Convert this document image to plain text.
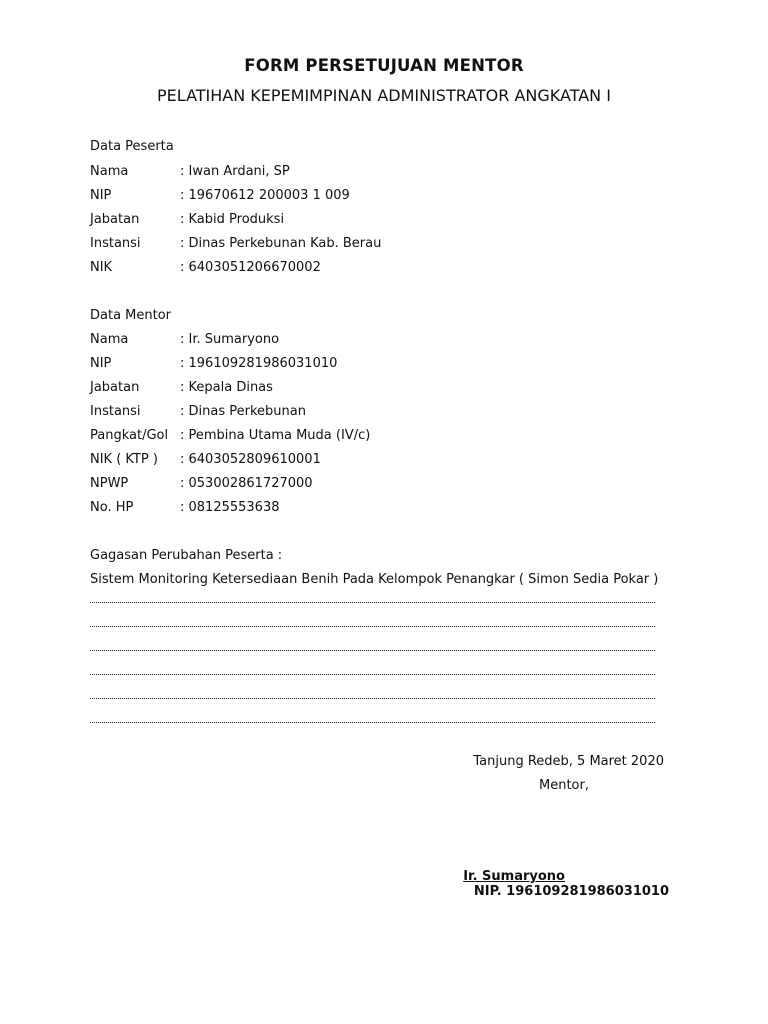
FORM PERSETUJUAN MENTOR
PELATIHAN KEPEMIMPINAN ADMINISTRATOR ANGKATAN I
Data Peserta
Nama	: Iwan Ardani, SP
NIP	: 19670612 200003 1 009
Jabatan	: Kabid Produksi
Instansi	: Dinas Perkebunan Kab. Berau
NIK	: 6403051206670002
Data Mentor
Nama	: Ir. Sumaryono
NIP	: 196109281986031010
Jabatan	: Kepala Dinas
Instansi	: Dinas Perkebunan
Pangkat/Gol	: Pembina Utama Muda (IV/c)
NIK ( KTP )	: 6403052809610001
NPWP	: 053002861727000
No. HP	: 08125553638
Gagasan Perubahan Peserta :
Sistem Monitoring Ketersediaan Benih Pada Kelompok Penangkar ( Simon Sedia Pokar )
Tanjung Redeb, 5 Maret 2020
Mentor,
Ir. Sumaryono
NIP. 196109281986031010
